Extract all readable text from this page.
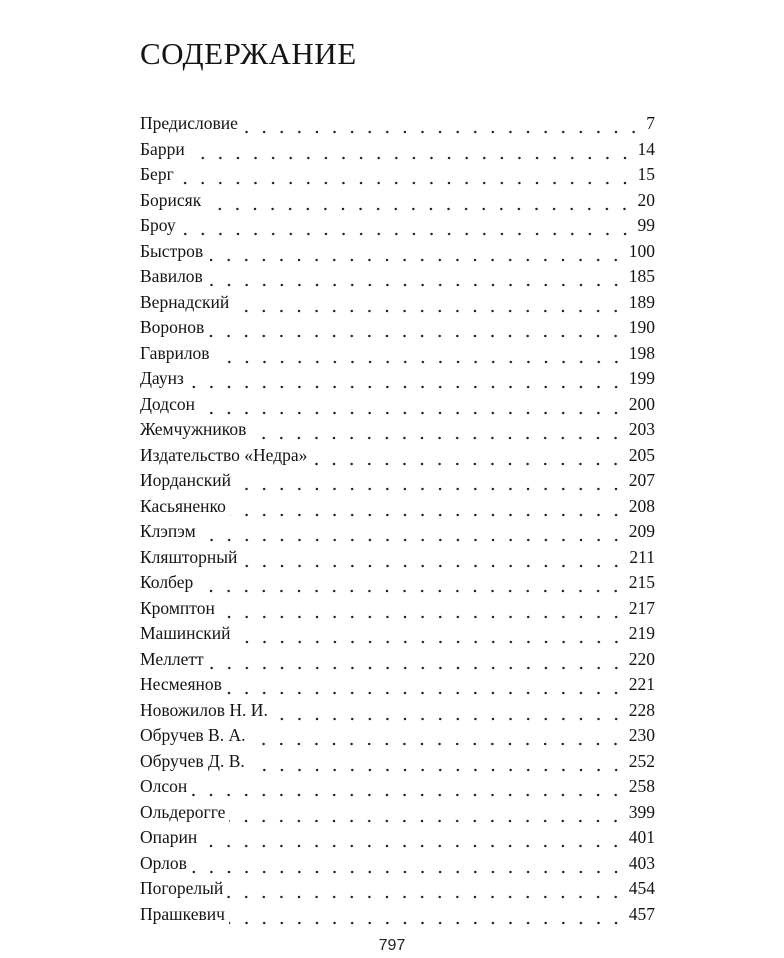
СОДЕРЖАНИЕ
Предисловие	7
Барри	14
Берг	15
Борисяк	20
Броу	99
Быстров	100
Вавилов	185
Вернадский	189
Воронов	190
Гаврилов	198
Даунз	199
Додсон	200
Жемчужников	203
Издательство «Недра»	205
Иорданский	207
Касьяненко	208
Клэпэм	209
Кляшторный	211
Колбер	215
Кромптон	217
Машинский	219
Меллетт	220
Несмеянов	221
Новожилов Н. И.	228
Обручев В. А.	230
Обручев Д. В.	252
Олсон	258
Ольдерогге	399
Опарин	401
Орлов	403
Погорелый	454
Прашкевич	457
797
